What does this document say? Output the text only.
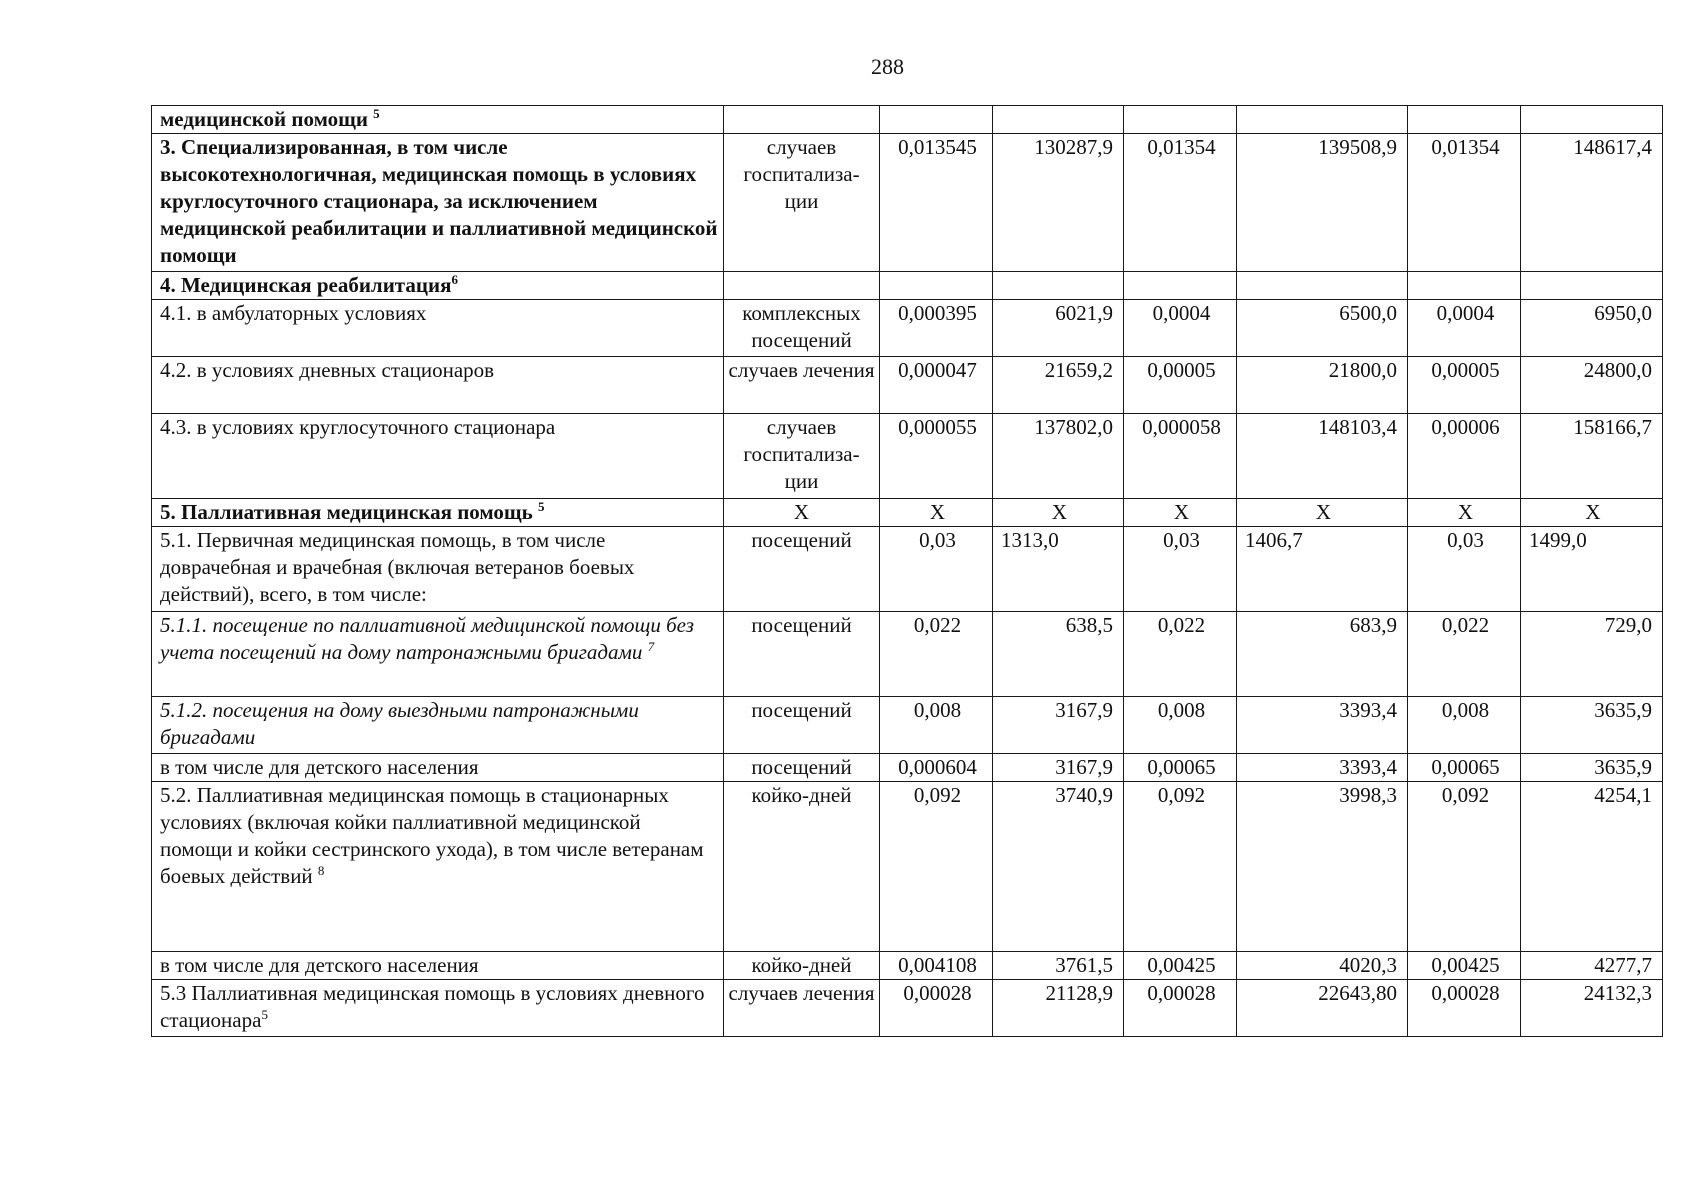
288
медицинской помощи $^5$							
3. Специализированная, в том числе высокотехнологичная, медицинская помощь в условиях круглосуточного стационара, за исключением медицинской реабилитации и паллиативной медицинской помощи	случаев госпитализа-ции	0,013545	130287,9	0,01354	139508,9	0,01354	148617,4
4. Медицинская реабилитация$^6$							
4.1. в амбулаторных условиях	комплексных посещений	0,000395	6021,9	0,0004	6500,0	0,0004	6950,0
4.2. в условиях дневных стационаров	случаев лечения	0,000047	21659,2	0,00005	21800,0	0,00005	24800,0
4.3. в условиях круглосуточного стационара	случаев госпитализа-ции	0,000055	137802,0	0,000058	148103,4	0,00006	158166,7
5. Паллиативная медицинская помощь $^5$	Х	Х	Х	Х	Х	Х	Х
5.1. Первичная медицинская помощь, в том числе доврачебная и врачебная (включая ветеранов боевых действий), всего, в том числе:	посещений	0,03	1313,0	0,03	1406,7	0,03	1499,0
5.1.1. посещение по паллиативной медицинской помощи без учета посещений на дому патронажными бригадами $^7$	посещений	0,022	638,5	0,022	683,9	0,022	729,0
5.1.2. посещения на дому выездными патронажными бригадами	посещений	0,008	3167,9	0,008	3393,4	0,008	3635,9
в том числе для детского населения	посещений	0,000604	3167,9	0,00065	3393,4	0,00065	3635,9
5.2. Паллиативная медицинская помощь в стационарных условиях (включая койки паллиативной медицинской помощи и койки сестринского ухода), в том числе ветеранам боевых действий $^8$	койко-дней	0,092	3740,9	0,092	3998,3	0,092	4254,1
в том числе для детского населения	койко-дней	0,004108	3761,5	0,00425	4020,3	0,00425	4277,7
5.3 Паллиативная медицинская помощь в условиях дневного стационара$^5$	случаев лечения	0,00028	21128,9	0,00028	22643,80	0,00028	24132,3
